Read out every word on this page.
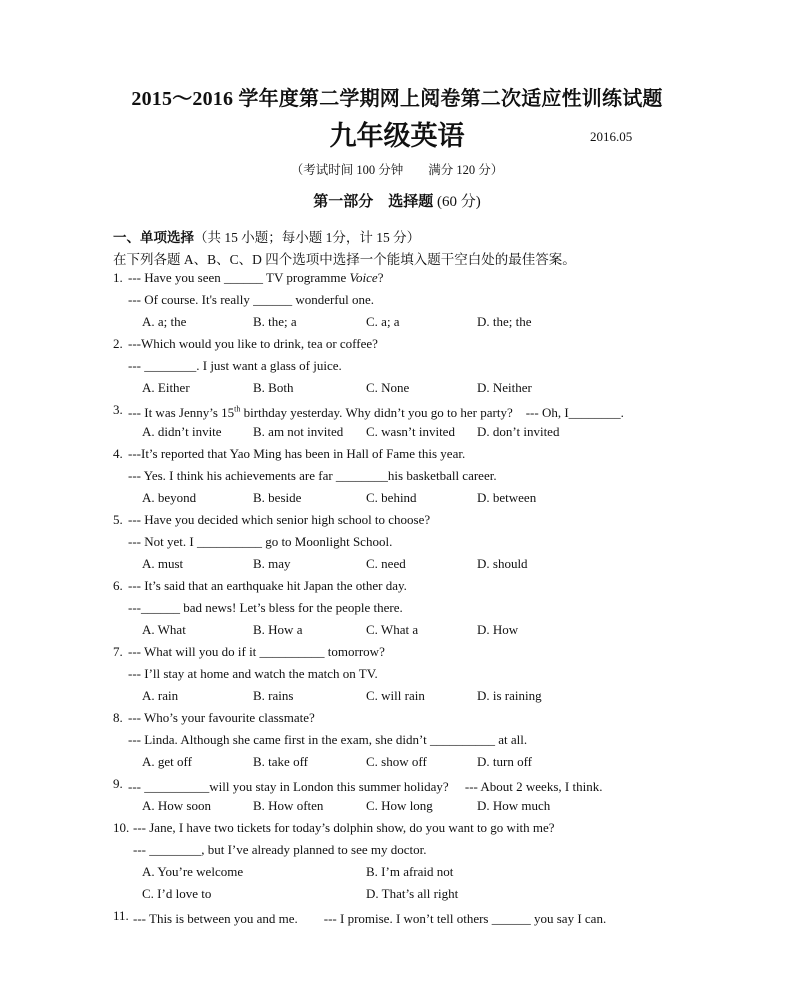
2015～2016 学年度第二学期网上阅卷第二次适应性训练试题
九年级英语	2016.05
（考试时间 100 分钟　　满分 120 分）
第一部分　选择题 (60 分)
一、单项选择（共 15 小题；每小题 1分，计 15 分）
在下列各题 A、B、C、D 四个选项中选择一个能填入题干空白处的最佳答案。
1. --- Have you seen ______ TV programme Voice?
--- Of course. It's really ______ wonderful one.
A. a; the	B. the; a	C. a; a	D. the; the
2. ---Which would you like to drink, tea or coffee?
--- ________. I just want a glass of juice.
A. Either	B. Both	C. None	D. Neither
3. --- It was Jenny’s 15th birthday yesterday. Why didn’t you go to her party?　--- Oh, I________.
A. didn’t invite B. am not invited C. wasn’t invited D. don’t invited
4. ---It’s reported that Yao Ming has been in Hall of Fame this year.
--- Yes. I think his achievements are far ________his basketball career.
A. beyond	B. beside	C. behind	D. between
5. --- Have you decided which senior high school to choose?
--- Not yet. I __________ go to Moonlight School.
A. must	B. may	C. need	D. should
6. --- It’s said that an earthquake hit Japan the other day.
---______ bad news! Let’s bless for the people there.
A. What	B. How a	C. What a	D. How
7. --- What will you do if it __________ tomorrow?
--- I’ll stay at home and watch the match on TV.
A. rain	B. rains	C. will rain	D. is raining
8. --- Who’s your favourite classmate?
--- Linda. Although she came first in the exam, she didn’t __________ at all.
A. get off	B. take off	C. show off	D. turn off
9. --- __________will you stay in London this summer holiday?　 --- About 2 weeks, I think.
A. How soon	B. How often	C. How long	D. How much
10. --- Jane, I have two tickets for today’s dolphin show, do you want to go with me?
--- ________, but I’ve already planned to see my doctor.
A. You’re welcome	B. I’m afraid not
C. I’d love to	D. That’s all right
11. --- This is between you and me.　　--- I promise. I won’t tell others ______ you say I can.
